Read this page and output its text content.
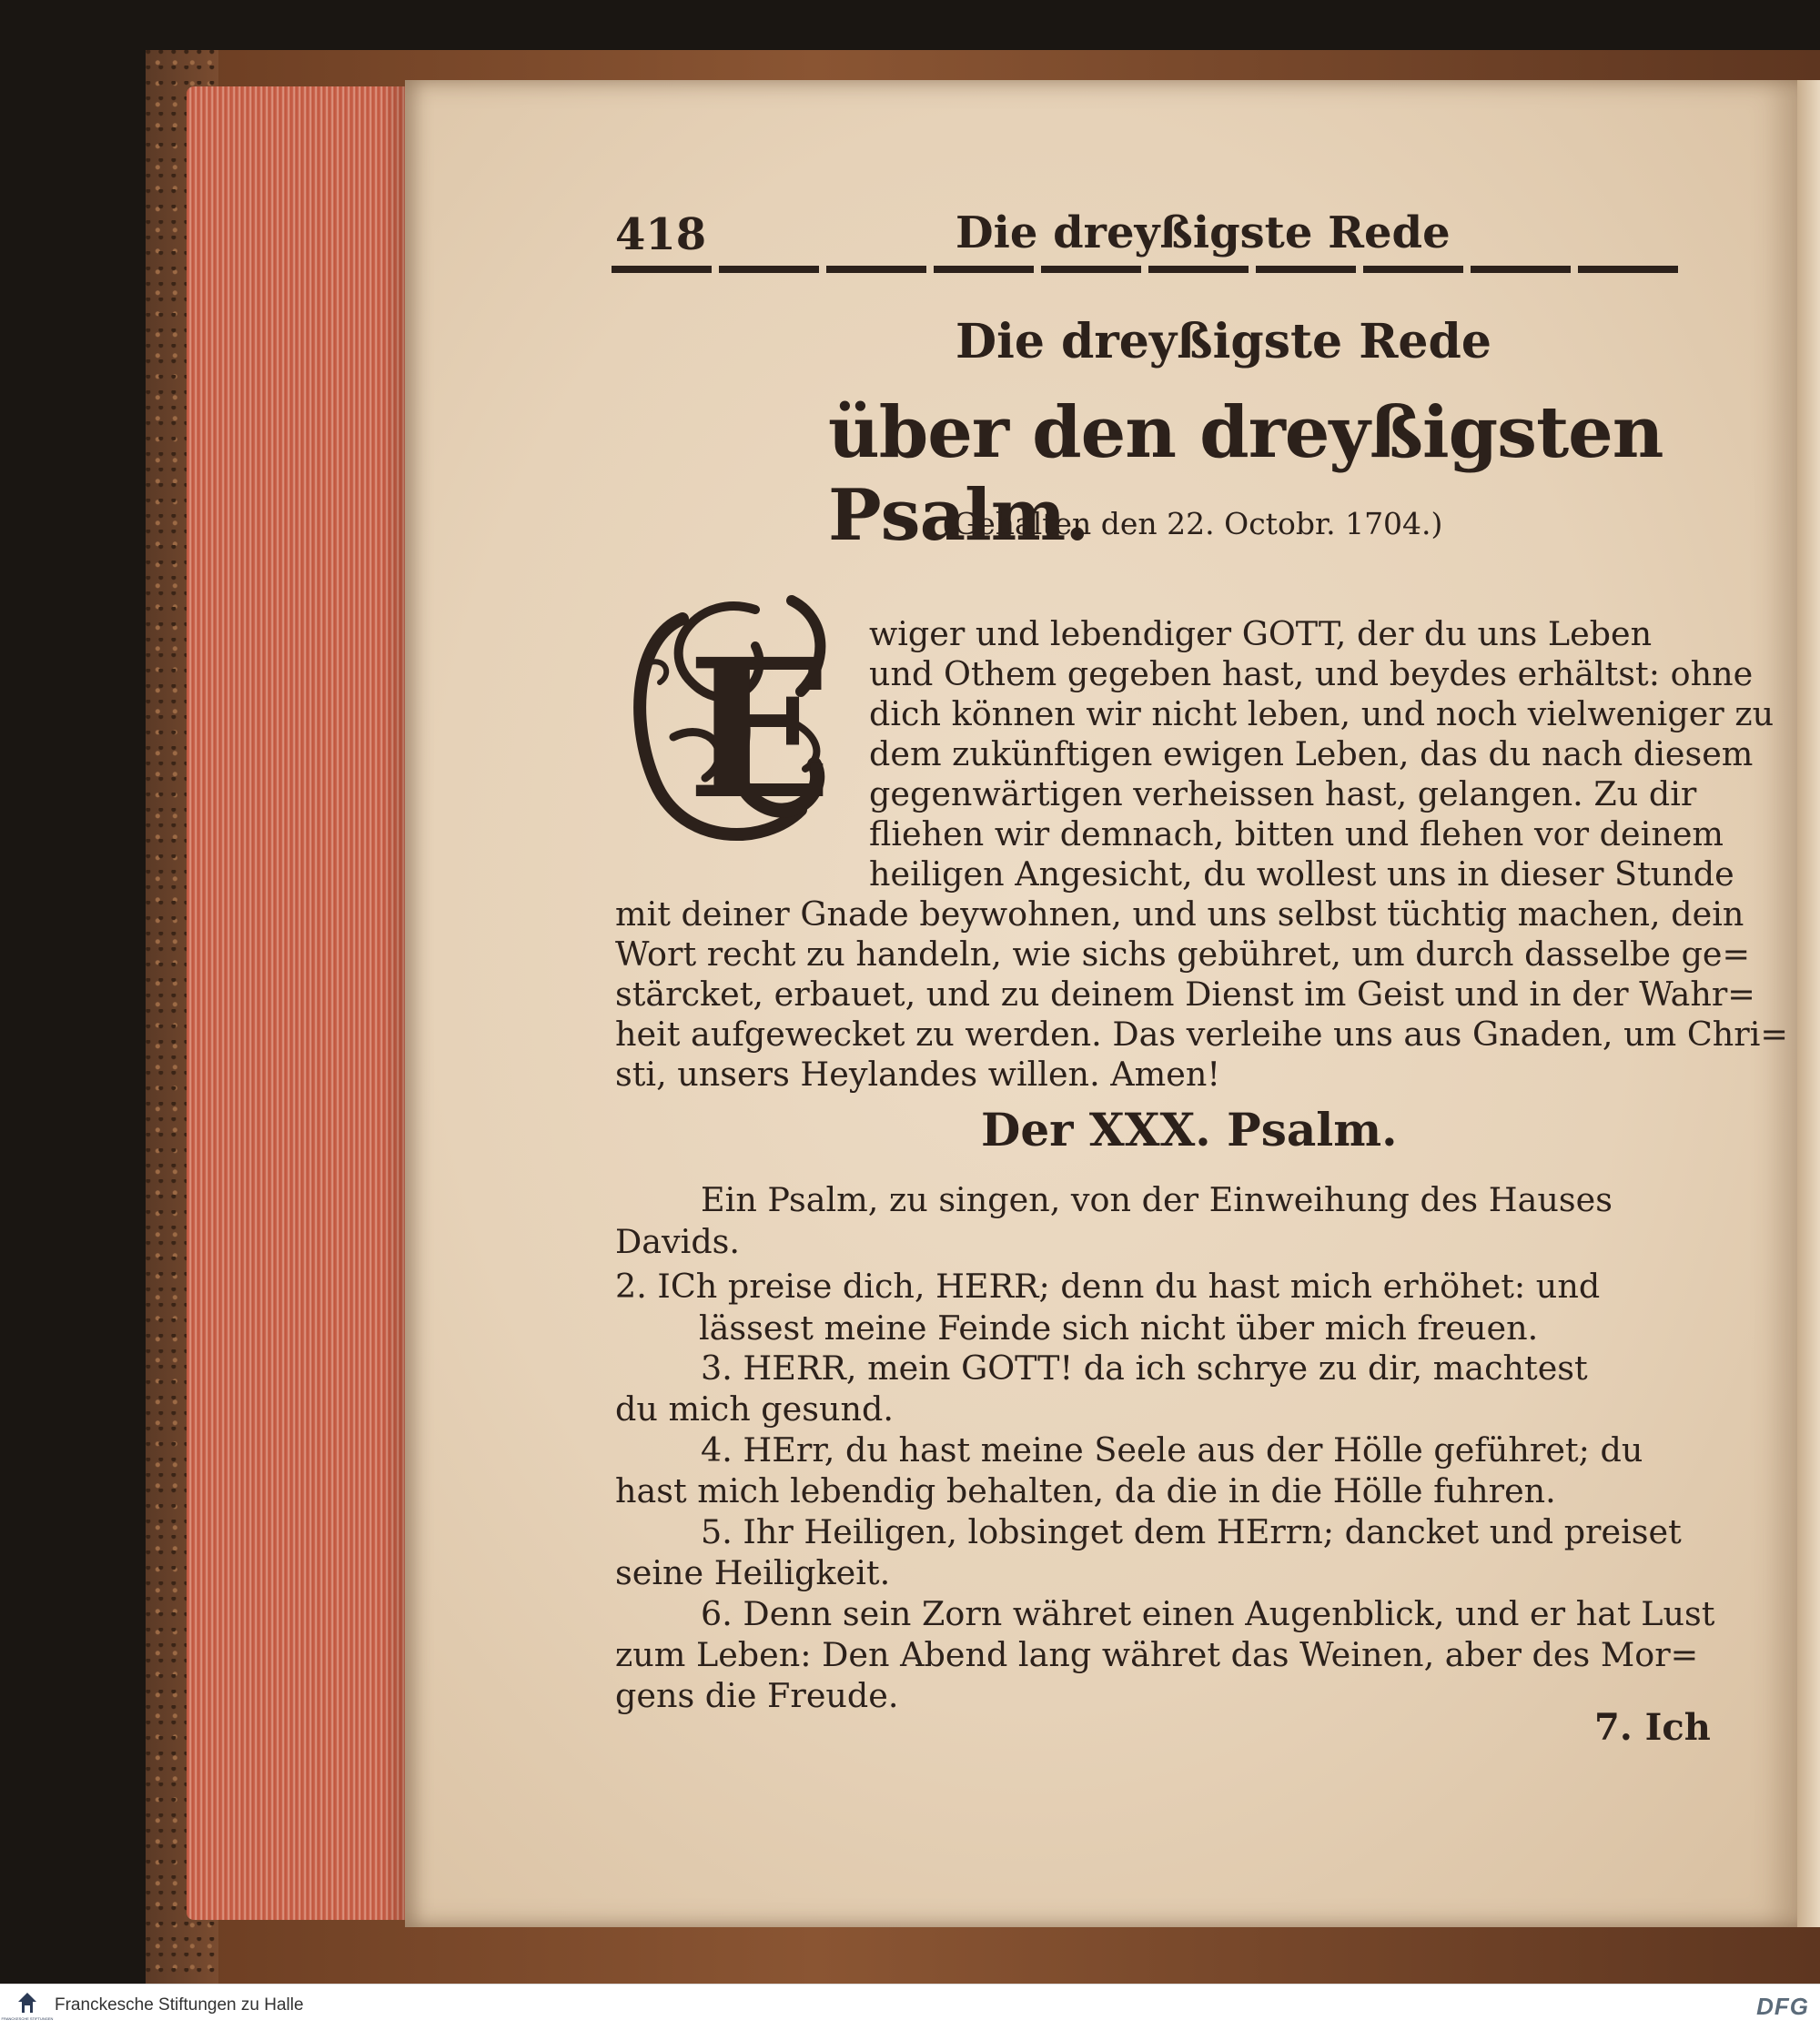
418	Die dreyßigste Rede
Die dreyßigste Rede
über den dreyßigsten Psalm.
(Gehalten den 22. Octobr. 1704.)
E wiger und lebendiger GOTT, der du uns Leben
und Othem gegeben hast, und beydes erhältst: ohne
dich können wir nicht leben, und noch vielweniger zu
dem zukünftigen ewigen Leben, das du nach diesem
gegenwärtigen verheissen hast, gelangen. Zu dir
fliehen wir demnach, bitten und flehen vor deinem
heiligen Angesicht, du wollest uns in dieser Stunde
mit deiner Gnade beywohnen, und uns selbst tüchtig machen, dein
Wort recht zu handeln, wie sichs gebühret, um durch dasselbe ge=
stärcket, erbauet, und zu deinem Dienst im Geist und in der Wahr=
heit aufgewecket zu werden. Das verleihe uns aus Gnaden, um Chri=
sti, unsers Heylandes willen. Amen!
Der XXX. Psalm.
Ein Psalm, zu singen, von der Einweihung des Hauses
Davids.
2. ICh preise dich, HERR; denn du hast mich erhöhet: und
lässest meine Feinde sich nicht über mich freuen.
3. HERR, mein GOTT! da ich schrye zu dir, machtest
du mich gesund.
4. HErr, du hast meine Seele aus der Hölle geführet; du
hast mich lebendig behalten, da die in die Hölle fuhren.
5. Ihr Heiligen, lobsinget dem HErrn; dancket und preiset
seine Heiligkeit.
6. Denn sein Zorn währet einen Augenblick, und er hat Lust
zum Leben: Den Abend lang währet das Weinen, aber des Mor=
gens die Freude.
7. Ich
FRANCKESCHE STIFTUNGEN
Franckesche Stiftungen zu Halle	DFG
